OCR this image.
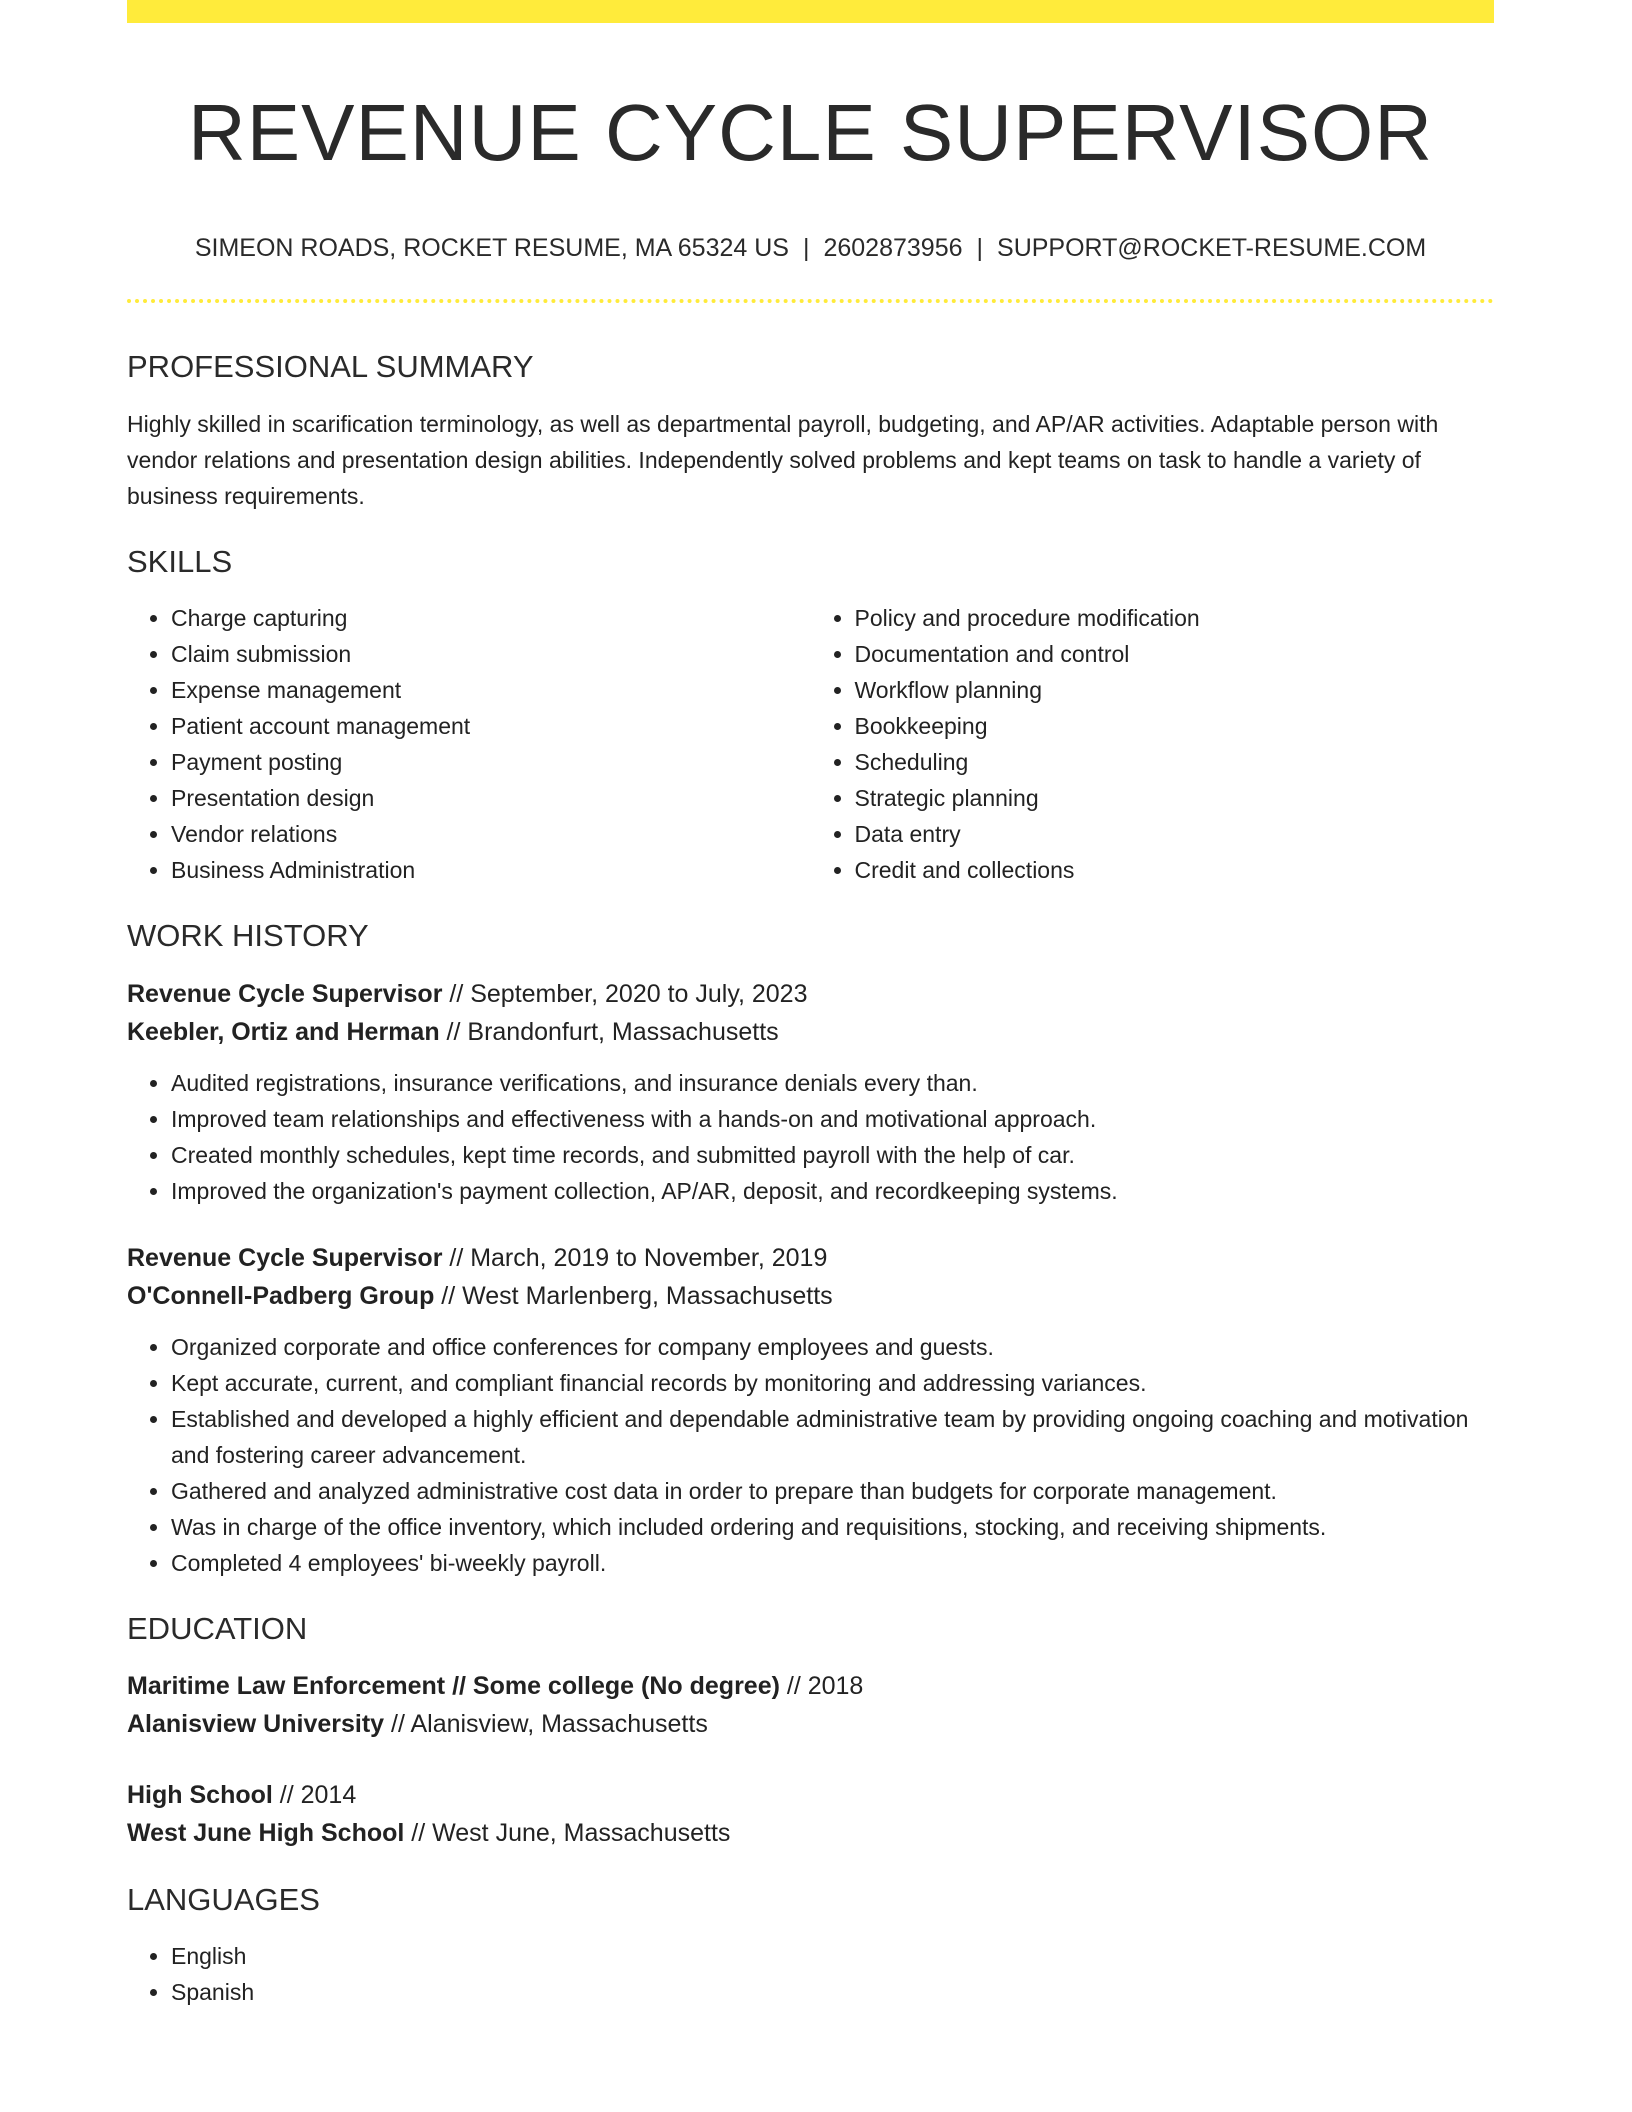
REVENUE CYCLE SUPERVISOR
SIMEON ROADS, ROCKET RESUME, MA 65324 US | 2602873956 | SUPPORT@ROCKET-RESUME.COM
PROFESSIONAL SUMMARY

Highly skilled in scarification terminology, as well as departmental payroll, budgeting, and AP/AR activities. Adaptable person with vendor relations and presentation design abilities. Independently solved problems and kept teams on task to handle a variety of business requirements.

SKILLS
• Charge capturing
• Claim submission
• Expense management
• Patient account management
• Payment posting
• Presentation design
• Vendor relations
• Business Administration
• Policy and procedure modification
• Documentation and control
• Workflow planning
• Bookkeeping
• Scheduling
• Strategic planning
• Data entry
• Credit and collections
WORK HISTORY
Revenue Cycle Supervisor // September, 2020 to July, 2023
Keebler, Ortiz and Herman // Brandonfurt, Massachusetts
• Audited registrations, insurance verifications, and insurance denials every than.
• Improved team relationships and effectiveness with a hands-on and motivational approach.
• Created monthly schedules, kept time records, and submitted payroll with the help of car.
• Improved the organization's payment collection, AP/AR, deposit, and recordkeeping systems.
Revenue Cycle Supervisor // March, 2019 to November, 2019
O'Connell-Padberg Group // West Marlenberg, Massachusetts
• Organized corporate and office conferences for company employees and guests.
• Kept accurate, current, and compliant financial records by monitoring and addressing variances.
• Established and developed a highly efficient and dependable administrative team by providing ongoing coaching and motivation and fostering career advancement.
• Gathered and analyzed administrative cost data in order to prepare than budgets for corporate management.
• Was in charge of the office inventory, which included ordering and requisitions, stocking, and receiving shipments.
• Completed 4 employees' bi-weekly payroll.
EDUCATION
Maritime Law Enforcement // Some college (No degree) // 2018
Alanisview University // Alanisview, Massachusetts
High School // 2014
West June High School // West June, Massachusetts
LANGUAGES
• English
• Spanish
